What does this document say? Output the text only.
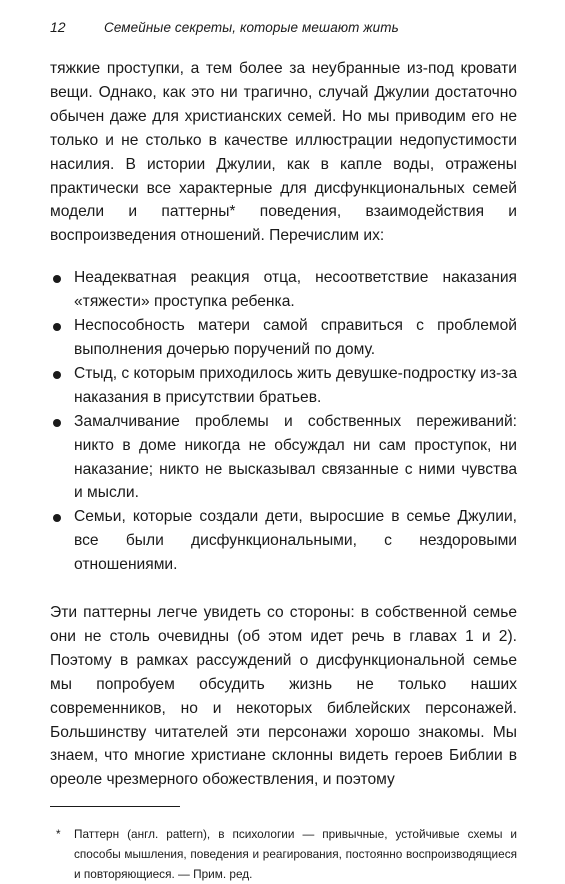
12	Семейные секреты, которые мешают жить

тяжкие проступки, а тем более за неубранные из-под кровати вещи. Однако, как это ни трагично, случай Джулии достаточно обычен даже для христианских семей. Но мы приводим его не только и не столько в качестве иллюстрации недопустимости насилия. В истории Джулии, как в капле воды, отражены практически все характерные для дисфункциональных семей модели и паттерны* поведения, взаимодействия и воспроизведения отношений. Перечислим их:

Неадекватная реакция отца, несоответствие наказания «тяжести» проступка ребенка.
Неспособность матери самой справиться с проблемой выполнения дочерью поручений по дому.
Стыд, с которым приходилось жить девушке-подростку из-за наказания в присутствии братьев.
Замалчивание проблемы и собственных переживаний: никто в доме никогда не обсуждал ни сам проступок, ни наказание; никто не высказывал связанные с ними чувства и мысли.
Семьи, которые создали дети, выросшие в семье Джулии, все были дисфункциональными, с нездоровыми отношениями.

Эти паттерны легче увидеть со стороны: в собственной семье они не столь очевидны (об этом идет речь в главах 1 и 2). Поэтому в рамках рассуждений о дисфункциональной семье мы попробуем обсудить жизнь не только наших современников, но и некоторых библейских персонажей. Большинству читателей эти персонажи хорошо знакомы. Мы знаем, что многие христиане склонны видеть героев Библии в ореоле чрезмерного обожествления, и поэтому

* Паттерн (англ. pattern), в психологии — привычные, устойчивые схемы и способы мышления, поведения и реагирования, постоянно воспроизводящиеся и повторяющиеся. — Прим. ред.
